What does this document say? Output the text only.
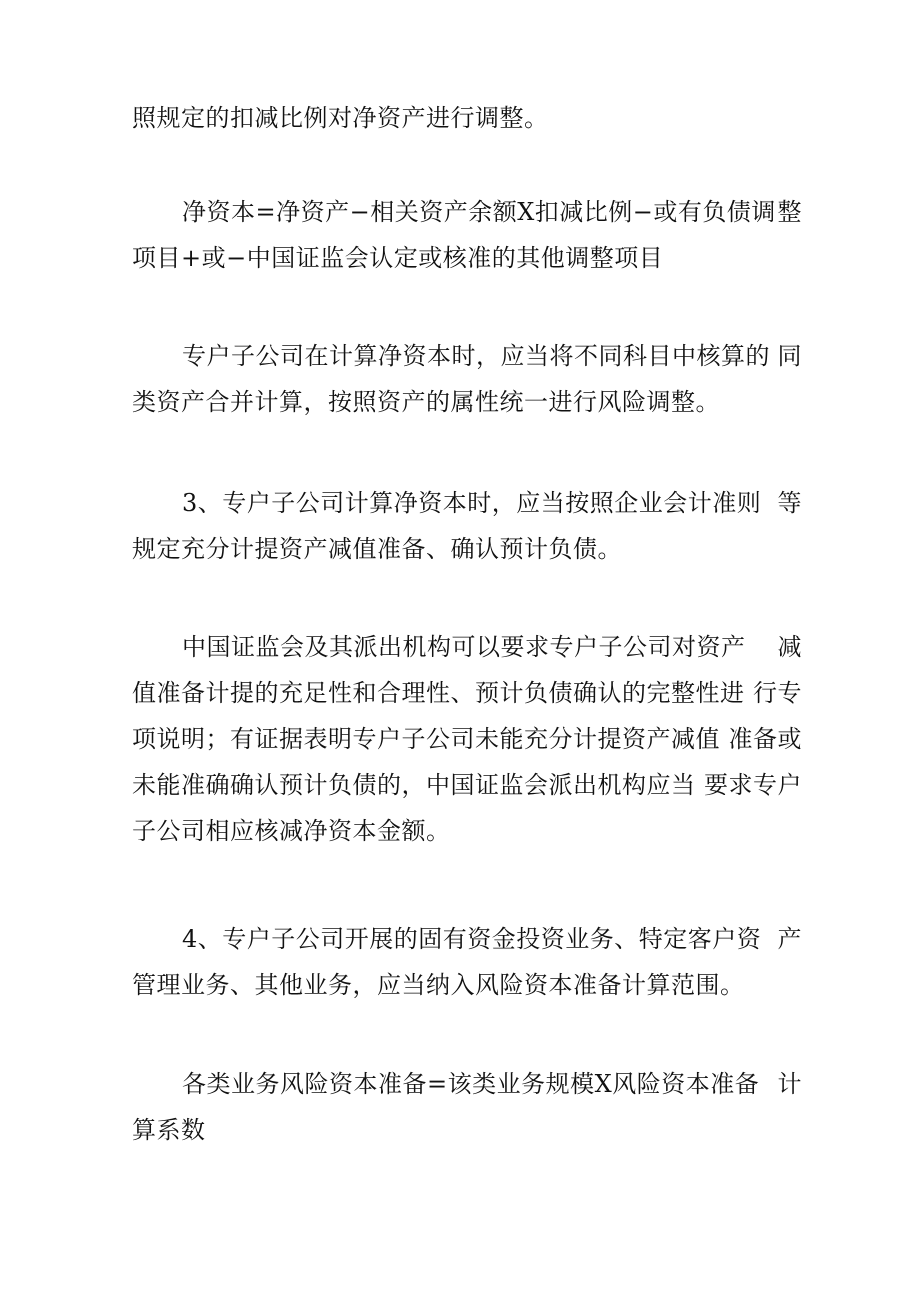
照规定的扣减比例对净资产进行调整。
净资本=净资产−相关资产余额X扣减比例−或有负债调 整
项目+或−中国证监会认定或核准的其他调整项目
专户子公司在计算净资本时，应当将不同科目中核算的 同
类资产合并计算，按照资产的属性统一进行风险调整。
3、专户子公司计算净资本时，应当按照企业会计准则 等
规定充分计提资产减值准备、确认预计负债。
中国证监会及其派出机构可以要求专户子公司对资产 减
值准备计提的充足性和合理性、预计负债确认的完整性进 行专
项说明；有证据表明专户子公司未能充分计提资产减值 准备或
未能准确确认预计负债的，中国证监会派出机构应当 要求专户
子公司相应核减净资本金额。
4、专户子公司开展的固有资金投资业务、特定客户资 产
管理业务、其他业务，应当纳入风险资本准备计算范围。
各类业务风险资本准备=该类业务规模X风险资本准备 计
算系数
